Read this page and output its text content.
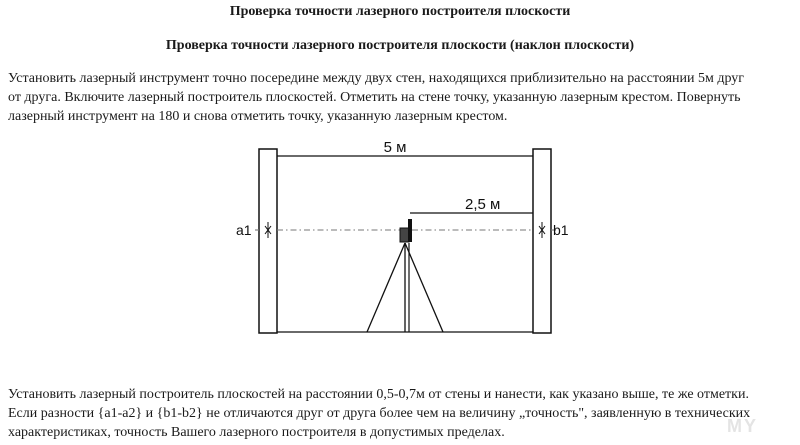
Проверка точности лазерного построителя плоскости
Проверка точности лазерного построителя плоскости (наклон плоскости)

Установить лазерный инструмент точно посередине между двух стен, находящихся приблизительно на расстоянии 5м друг
от друга. Включите лазерный построитель плоскостей. Отметить на стене точку, указанную лазерным крестом. Повернуть
лазерный инструмент на 180 и снова отметить точку, указанную лазерным крестом.

5 м
2,5 м
a1	b1

Установить лазерный построитель плоскостей на расстоянии 0,5-0,7м от стены и нанести, как указано выше, те же отметки.
Если разности {a1-a2} и {b1-b2} не отличаются друг от друга более чем на величину „точность", заявленную в технических
характеристиках, точность Вашего лазерного построителя в допустимых пределах.	MY
